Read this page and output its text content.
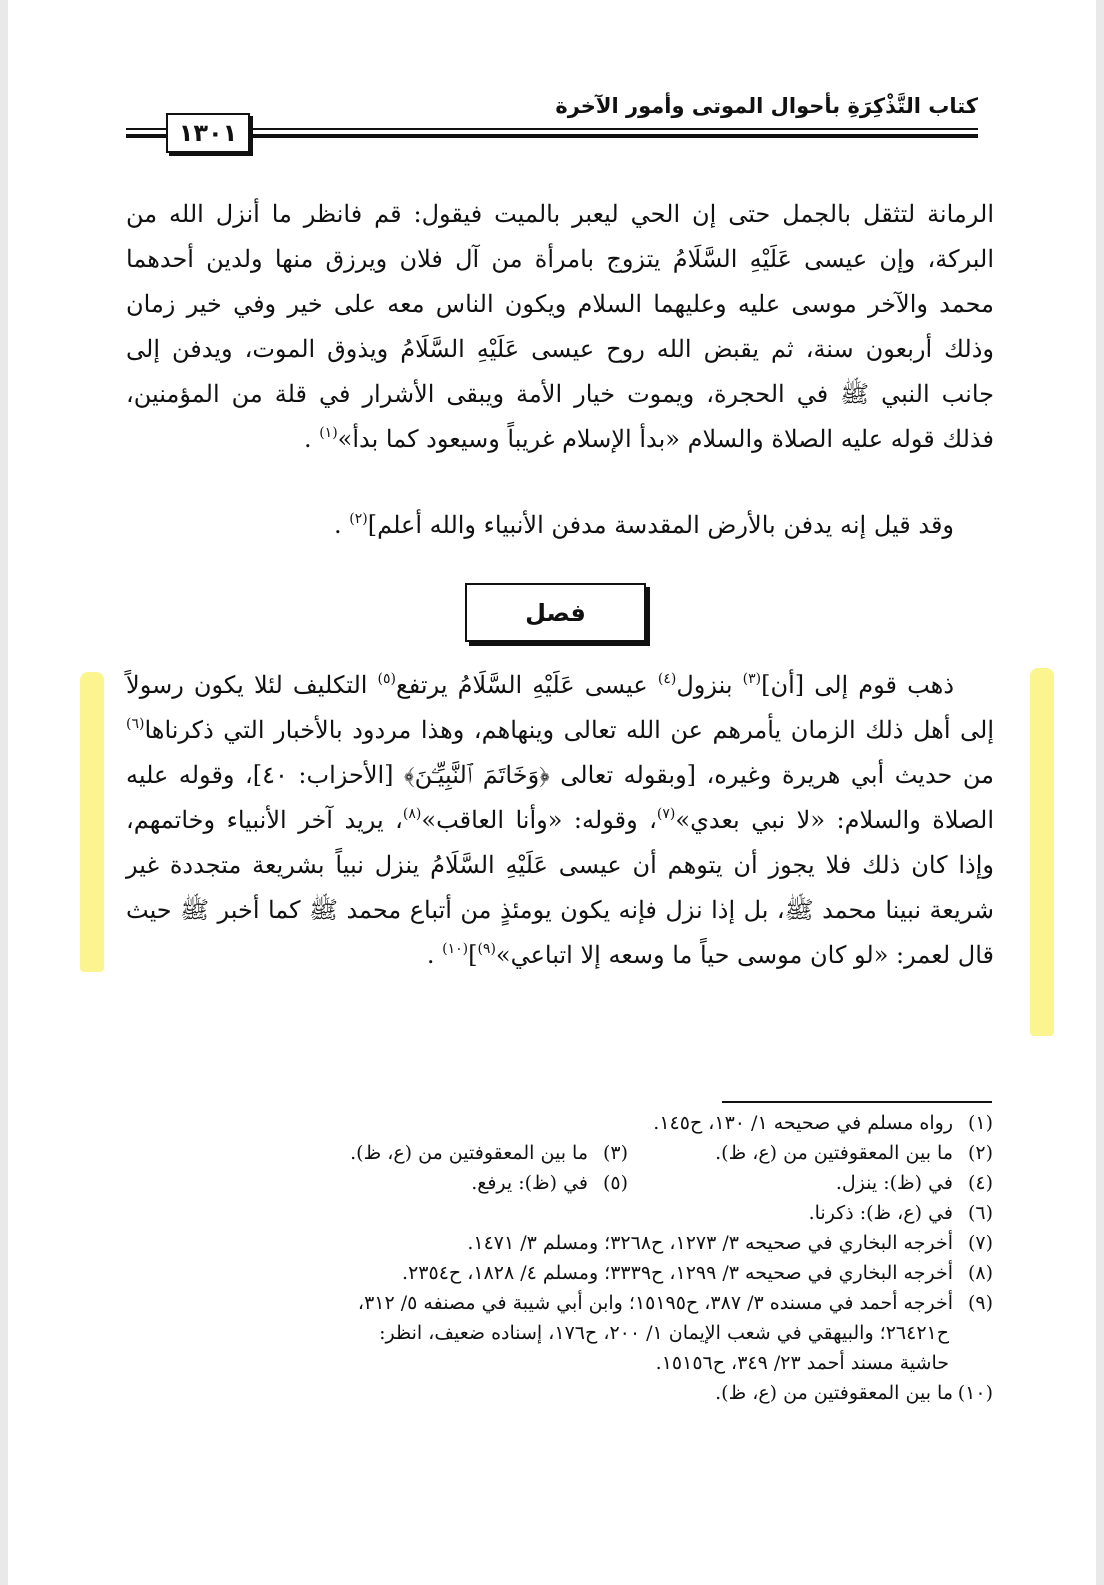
كتاب التَّذْكِرَةِ بأحوال الموتى وأمور الآخرة
١٣٠١

الرمانة لتثقل بالجمل حتى إن الحي ليعبر بالميت فيقول: قم فانظر ما أنزل الله من البركة، وإن عيسى عَلَيْهِ السَّلَامُ يتزوج بامرأة من آل فلان ويرزق منها ولدين أحدهما محمد والآخر موسى عليه وعليهما السلام ويكون الناس معه على خير وفي خير زمان وذلك أربعون سنة، ثم يقبض الله روح عيسى عَلَيْهِ السَّلَامُ ويذوق الموت، ويدفن إلى جانب النبي ﷺ في الحجرة، ويموت خيار الأمة ويبقى الأشرار في قلة من المؤمنين، فذلك قوله عليه الصلاة والسلام «بدأ الإسلام غريباً وسيعود كما بدأ»$^{(١)}$ .

وقد قيل إنه يدفن بالأرض المقدسة مدفن الأنبياء والله أعلم]$^{(٢)}$ .

فصل

ذهب قوم إلى [أن]$^{(٣)}$ بنزول$^{(٤)}$ عيسى عَلَيْهِ السَّلَامُ يرتفع$^{(٥)}$ التكليف لئلا يكون رسولاً إلى أهل ذلك الزمان يأمرهم عن الله تعالى وينهاهم، وهذا مردود بالأخبار التي ذكرناها$^{(٦)}$ من حديث أبي هريرة وغيره، [وبقوله تعالى ﴿وَخَاتَمَ ٱلنَّبِيِّـۧنَ﴾ [الأحزاب: ٤٠]، وقوله عليه الصلاة والسلام: «لا نبي بعدي»$^{(٧)}$، وقوله: «وأنا العاقب»$^{(٨)}$، يريد آخر الأنبياء وخاتمهم، وإذا كان ذلك فلا يجوز أن يتوهم أن عيسى عَلَيْهِ السَّلَامُ ينزل نبياً بشريعة متجددة غير شريعة نبينا محمد ﷺ، بل إذا نزل فإنه يكون يومئذٍ من أتباع محمد ﷺ كما أخبر ﷺ حيث قال لعمر: «لو كان موسى حياً ما وسعه إلا اتباعي»$^{(٩)}$]$^{(١٠)}$ .

(١)رواه مسلم في صحيحه ١/ ١٣٠، ح١٤٥.
(٢)ما بين المعقوفتين من (ع، ظ).
(٣)ما بين المعقوفتين من (ع، ظ).
(٤)في (ظ): ينزل.
(٥)في (ظ): يرفع.
(٦)في (ع، ظ): ذكرنا.
(٧)أخرجه البخاري في صحيحه ٣/ ١٢٧٣، ح٣٢٦٨؛ ومسلم ٣/ ١٤٧١.
(٨)أخرجه البخاري في صحيحه ٣/ ١٢٩٩، ح٣٣٣٩؛ ومسلم ٤/ ١٨٢٨، ح٢٣٥٤.
(٩)أخرجه أحمد في مسنده ٣/ ٣٨٧، ح١٥١٩٥؛ وابن أبي شيبة في مصنفه ٥/ ٣١٢،
ح٢٦٤٢١؛ والبيهقي في شعب الإيمان ١/ ٢٠٠، ح١٧٦، إسناده ضعيف، انظر:
حاشية مسند أحمد ٢٣/ ٣٤٩، ح١٥١٥٦.
(١٠)ما بين المعقوفتين من (ع، ظ).
